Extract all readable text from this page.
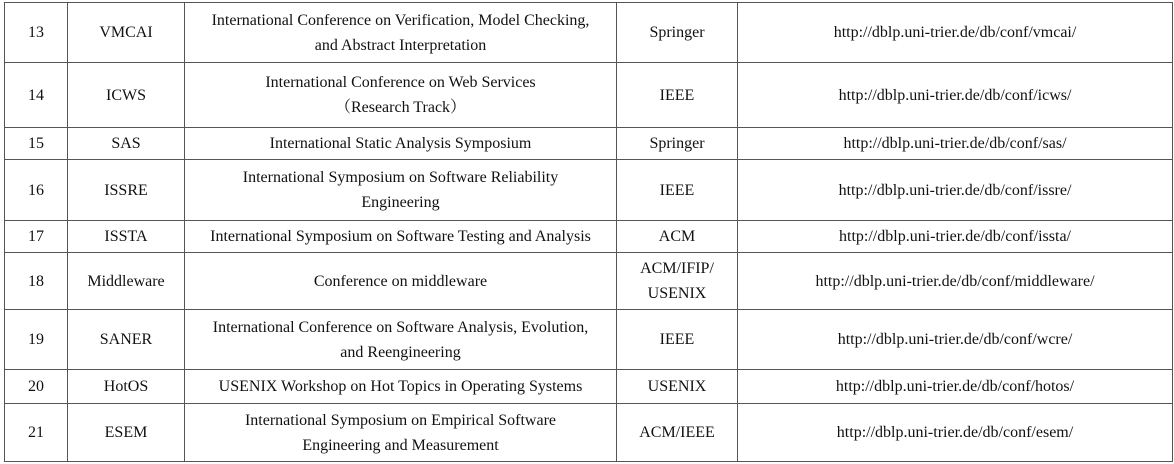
13	VMCAI	International Conference on Verification, Model Checking,
and Abstract Interpretation	Springer	http://dblp.uni-trier.de/db/conf/vmcai/
14	ICWS	International Conference on Web Services
（Research Track）	IEEE	http://dblp.uni-trier.de/db/conf/icws/
15	SAS	International Static Analysis Symposium	Springer	http://dblp.uni-trier.de/db/conf/sas/
16	ISSRE	International Symposium on Software Reliability
Engineering	IEEE	http://dblp.uni-trier.de/db/conf/issre/
17	ISSTA	International Symposium on Software Testing and Analysis	ACM	http://dblp.uni-trier.de/db/conf/issta/
18	Middleware	Conference on middleware	ACM/IFIP/
USENIX	http://dblp.uni-trier.de/db/conf/middleware/
19	SANER	International Conference on Software Analysis, Evolution,
and Reengineering	IEEE	http://dblp.uni-trier.de/db/conf/wcre/
20	HotOS	USENIX Workshop on Hot Topics in Operating Systems	USENIX	http://dblp.uni-trier.de/db/conf/hotos/
21	ESEM	International Symposium on Empirical Software
Engineering and Measurement	ACM/IEEE	http://dblp.uni-trier.de/db/conf/esem/
